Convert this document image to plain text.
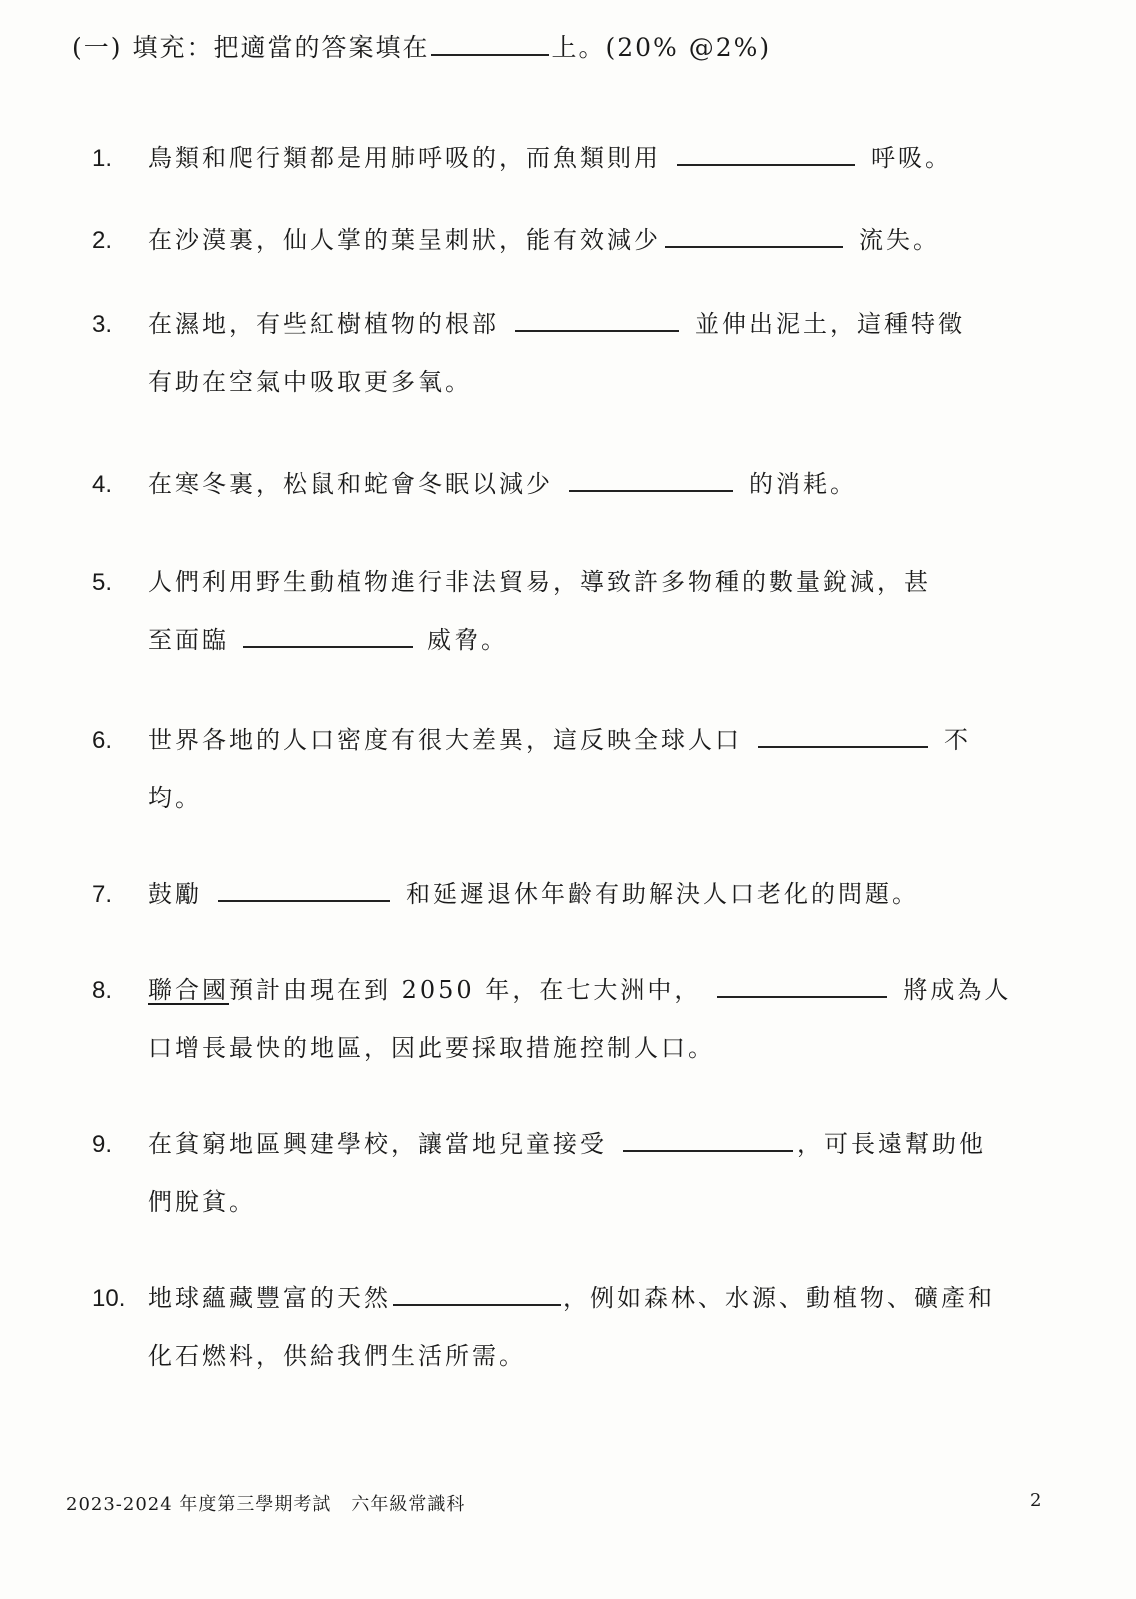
(一) 填充：把適當的答案填在	上。(20% @2%)
1. 鳥類和爬行類都是用肺呼吸的，而魚類則用	呼吸。
2. 在沙漠裏，仙人掌的葉呈刺狀，能有效減少	流失。
3. 在濕地，有些紅樹植物的根部	並伸出泥土，這種特徵
有助在空氣中吸取更多氧。
4. 在寒冬裏，松鼠和蛇會冬眠以減少	的消耗。
5. 人們利用野生動植物進行非法貿易，導致許多物種的數量銳減，甚
至面臨	威脅。
6. 世界各地的人口密度有很大差異，這反映全球人口	不
均。
7. 鼓勵	和延遲退休年齡有助解決人口老化的問題。
8. 聯合國預計由現在到 2050 年，在七大洲中，	將成為人
口增長最快的地區，因此要採取措施控制人口。
9. 在貧窮地區興建學校，讓當地兒童接受	，可長遠幫助他
們脫貧。
10. 地球蘊藏豐富的天然	，例如森林、水源、動植物、礦產和
化石燃料，供給我們生活所需。
2023-2024 年度第三學期考試 六年級常識科	2
